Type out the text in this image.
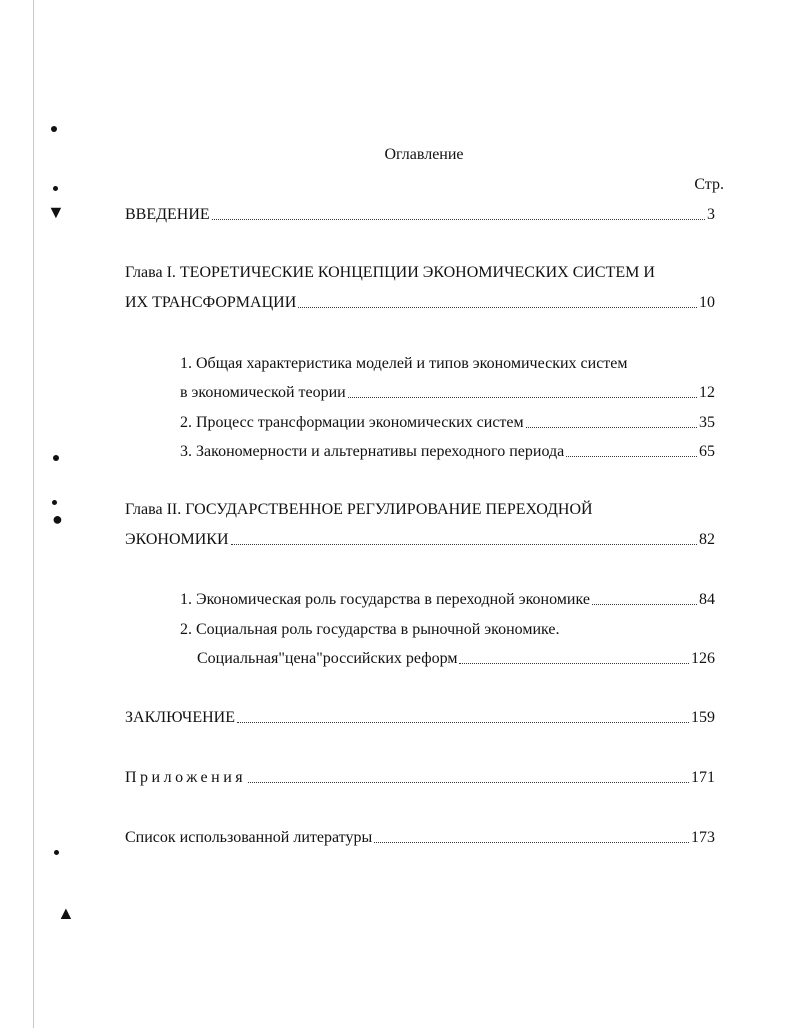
▼
●
▲
Оглавление
Стр.
ВВЕДЕНИЕ	3
Глава I. ТЕОРЕТИЧЕСКИЕ КОНЦЕПЦИИ ЭКОНОМИЧЕСКИХ СИСТЕМ И
ИХ ТРАНСФОРМАЦИИ	10
1. Общая характеристика моделей и типов экономических систем
в экономической теории	12
2. Процесс трансформации экономических систем	35
3. Закономерности и альтернативы переходного периода	65
Глава II. ГОСУДАРСТВЕННОЕ РЕГУЛИРОВАНИЕ ПЕРЕХОДНОЙ
ЭКОНОМИКИ	82
1. Экономическая роль государства в переходной экономике	84
2. Социальная роль государства в рыночной экономике.
Социальная"цена"российских реформ	126
ЗАКЛЮЧЕНИЕ	159
Приложения	171
Список использованной литературы	173
